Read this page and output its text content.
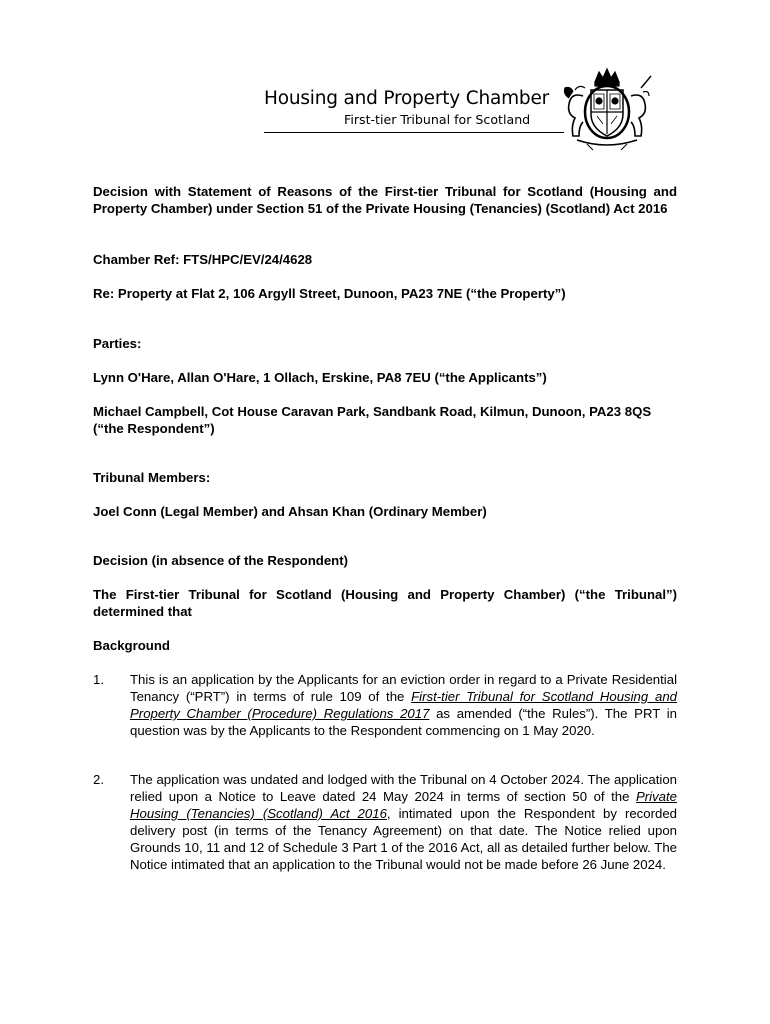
Housing and Property Chamber
First-tier Tribunal for Scotland
Decision with Statement of Reasons of the First-tier Tribunal for Scotland (Housing and Property Chamber) under Section 51 of the Private Housing (Tenancies) (Scotland) Act 2016
Chamber Ref: FTS/HPC/EV/24/4628
Re: Property at Flat 2, 106 Argyll Street, Dunoon, PA23 7NE (“the Property”)
Parties:
Lynn O'Hare, Allan O'Hare, 1 Ollach, Erskine, PA8 7EU (“the Applicants”)
Michael Campbell, Cot House Caravan Park, Sandbank Road, Kilmun, Dunoon, PA23 8QS (“the Respondent”)
Tribunal Members:
Joel Conn (Legal Member) and Ahsan Khan (Ordinary Member)
Decision (in absence of the Respondent)
The First-tier Tribunal for Scotland (Housing and Property Chamber) (“the Tribunal”) determined that
Background
1. This is an application by the Applicants for an eviction order in regard to a Private Residential Tenancy (“PRT”) in terms of rule 109 of the First-tier Tribunal for Scotland Housing and Property Chamber (Procedure) Regulations 2017 as amended (“the Rules”). The PRT in question was by the Applicants to the Respondent commencing on 1 May 2020.
2. The application was undated and lodged with the Tribunal on 4 October 2024. The application relied upon a Notice to Leave dated 24 May 2024 in terms of section 50 of the Private Housing (Tenancies) (Scotland) Act 2016, intimated upon the Respondent by recorded delivery post (in terms of the Tenancy Agreement) on that date. The Notice relied upon Grounds 10, 11 and 12 of Schedule 3 Part 1 of the 2016 Act, all as detailed further below. The Notice intimated that an application to the Tribunal would not be made before 26 June 2024.
